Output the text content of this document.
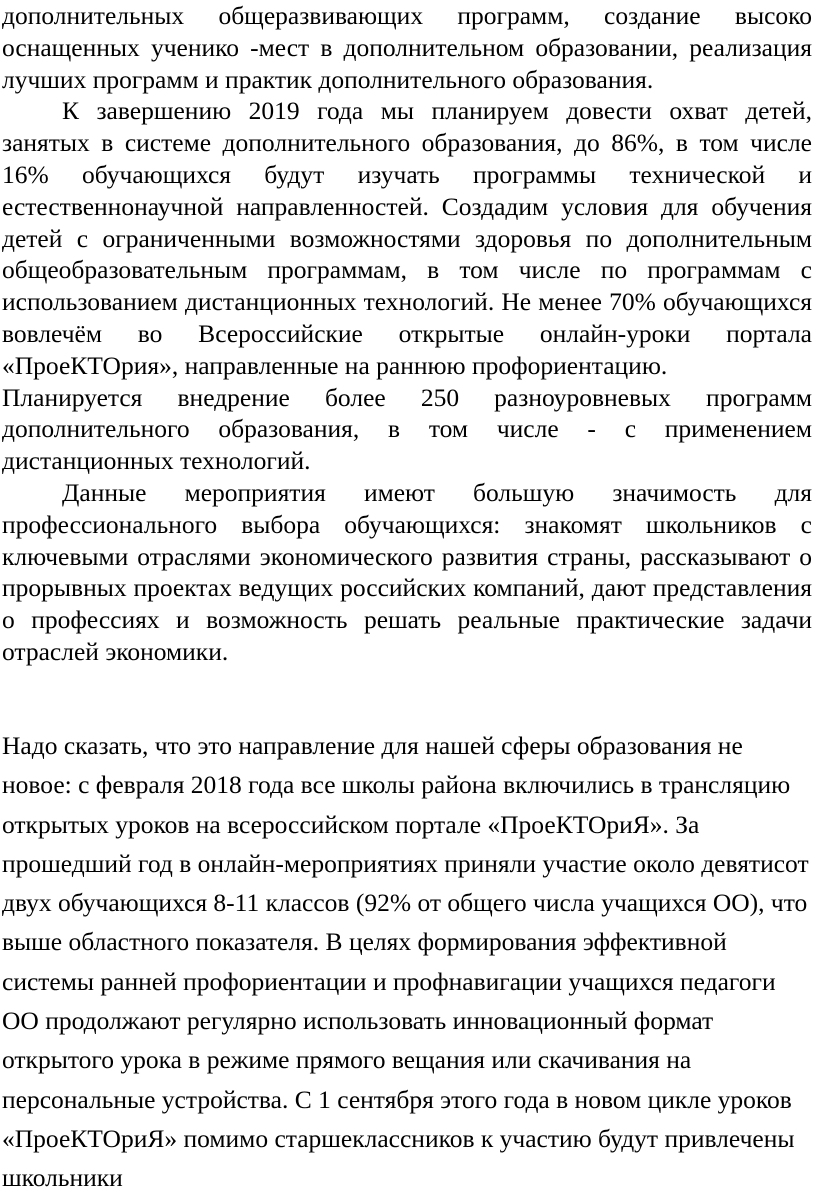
дополнительных общеразвивающих программ, создание высоко оснащенных ученико -мест в дополнительном образовании, реализация лучших программ и практик дополнительного образования.

К завершению 2019 года мы планируем довести охват детей, занятых в системе дополнительного образования, до 86%, в том числе 16% обучающихся будут изучать программы технической и естественнонаучной направленностей. Создадим условия для обучения детей с ограниченными возможностями здоровья по дополнительным общеобразовательным программам, в том числе по программам с использованием дистанционных технологий. Не менее 70% обучающихся вовлечём во Всероссийские открытые онлайн-уроки портала «ПроеКТОрия», направленные на раннюю профориентацию.

Планируется внедрение более 250 разноуровневых программ дополнительного образования, в том числе - с применением дистанционных технологий.

Данные мероприятия имеют большую значимость для профессионального выбора обучающихся: знакомят школьников с ключевыми отраслями экономического развития страны, рассказывают о прорывных проектах ведущих российских компаний, дают представления о профессиях и возможность решать реальные практические задачи отраслей экономики.

Надо сказать, что это направление для нашей сферы образования не новое: с февраля 2018 года все школы района включились в трансляцию открытых уроков на всероссийском портале «ПроеКТОриЯ». За прошедший год в онлайн-мероприятиях приняли участие около девятисот двух обучающихся 8-11 классов (92% от общего числа учащихся ОО), что выше областного показателя. В целях формирования эффективной системы ранней профориентации и профнавигации учащихся педагоги ОО продолжают регулярно использовать инновационный формат открытого урока в режиме прямого вещания или скачивания на персональные устройства. С 1 сентября этого года в новом цикле уроков «ПроеКТОриЯ» помимо старшеклассников к участию будут привлечены школьники
